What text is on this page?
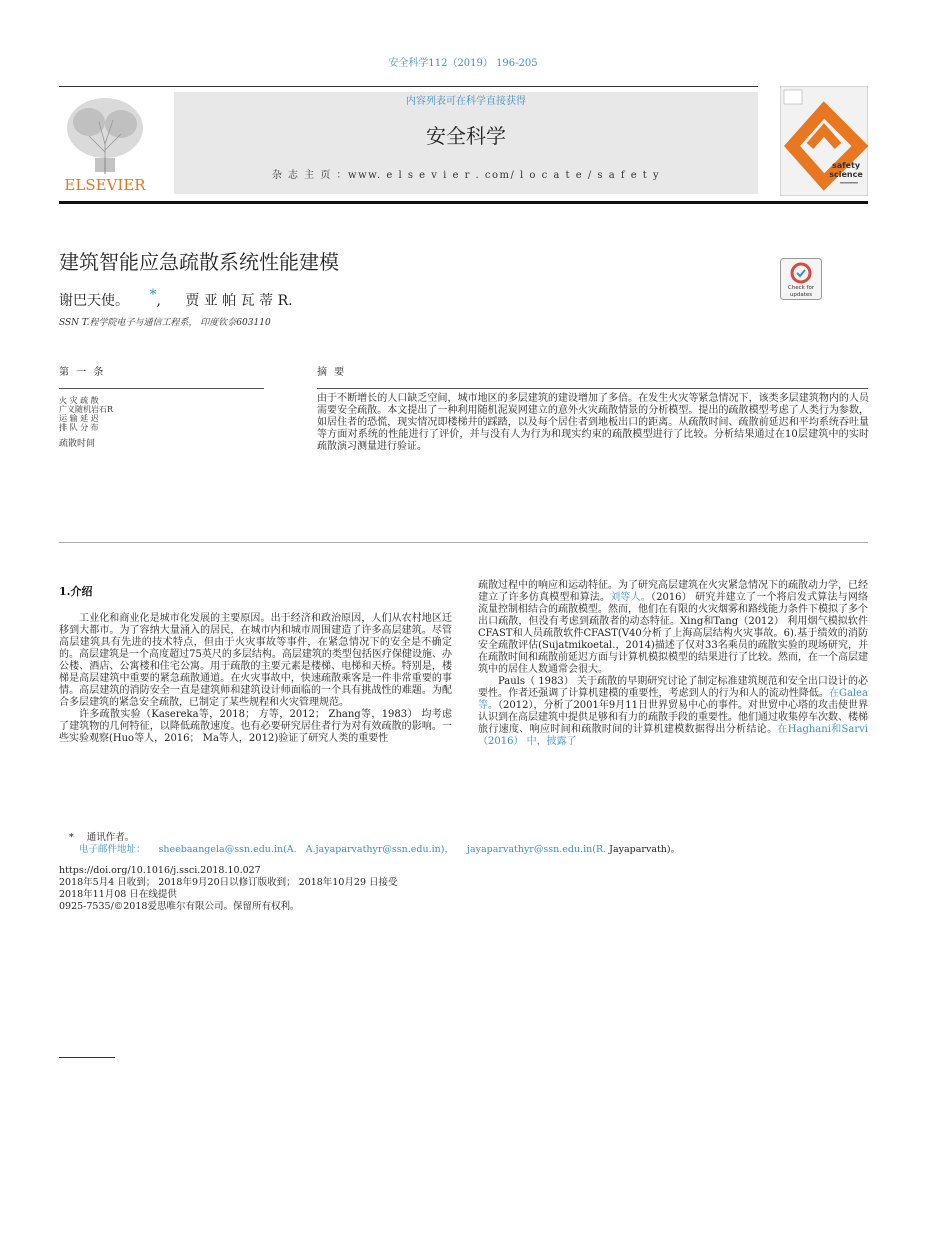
安全科学112（2019） 196-205
ELSEVIER
内容列表可在科学直接获得
安全科学
杂 志 主 页 ：www. e l s e v i e r . com/ l o c a t e / s a f e t y
safety
science
建筑智能应急疏散系统性能建模
Check for
updates
谢巴天使。 *, 贾 亚 帕 瓦 蒂 R.
SSN T.程学院电子与通信工程系， 印度钦奈603110
第 一 条	摘 要
火 灾 疏 散
广义随机岩石R
运 输 延 迟
排 队 分 布
疏散时间
由于不断增长的人口缺乏空间，城市地区的多层建筑的建设增加了多倍。在发生火灾等紧急情况下，该类多层建筑物内的人员需要安全疏散。本文提出了一种利用随机泥炭网建立的意外火灾疏散情景的分析模型。提出的疏散模型考虑了人类行为参数，如居住者的恐慌，现实情况即楼梯井的踩踏，以及每个居住者到地板出口的距离。从疏散时间、疏散前延迟和平均系统吞吐量等方面对系统的性能进行了评价，并与没有人为行为和现实约束的疏散模型进行了比较。分析结果通过在10层建筑中的实时疏散演习测量进行验证。
1.介绍

工业化和商业化是城市化发展的主要原因。出于经济和政治原因，人们从农村地区迁移到大都市。为了容纳大量涌入的居民，在城市内和城市周围建造了许多高层建筑。尽管高层建筑具有先进的技术特点，但由于火灾事故等事件，在紧急情况下的安全是不确定的。高层建筑是一个高度超过75英尺的多层结构。高层建筑的类型包括医疗保健设施、办公楼、酒店、公寓楼和住宅公寓。用于疏散的主要元素是楼梯、电梯和天桥。特别是，楼梯是高层建筑中重要的紧急疏散通道。在火灾事故中，快速疏散乘客是一件非常重要的事情。高层建筑的消防安全一直是建筑师和建筑设计师面临的一个具有挑战性的难题。为配合多层建筑的紧急安全疏散，已制定了某些规程和火灾管理规范。

许多疏散实验（Kasereka等，2018； 方等，2012； Zhang等，1983） 均考虑了建筑物的几何特征，以降低疏散速度。也有必要研究居住者行为对有效疏散的影响。一些实验观察(Huo等人，2016； Ma等人，2012)验证了研究人类的重要性

疏散过程中的响应和运动特征。为了研究高层建筑在火灾紧急情况下的疏散动力学，已经建立了许多仿真模型和算法。刘等人。（2016） 研究并建立了一个将启发式算法与网络流量控制相结合的疏散模型。然而，他们在有限的火灾烟雾和路线能力条件下模拟了多个出口疏散，但没有考虑到疏散者的动态特征。Xing和Tang（2012） 利用烟气模拟软件CFAST和人员疏散软件CFAST(V40分析了上海高层结构火灾事故。6).基于绩效的消防安全疏散评估(Sujatmikoetal.，2014)描述了仅对33名乘员的疏散实验的现场研究，并在疏散时间和疏散前延迟方面与计算机模拟模型的结果进行了比较。然而，在一个高层建筑中的居住人数通常会很大。

Pauls（ 1983） 关于疏散的早期研究讨论了制定标准建筑规范和安全出口设计的必要性。作者还强调了计算机建模的重要性，考虑到人的行为和人的流动性降低。在Galea等。（2012），分析了2001年9月11日世界贸易中心的事件。对世贸中心塔的攻击使世界认识到在高层建筑中提供足够和有力的疏散手段的重要性。他们通过收集停车次数、楼梯旅行速度、响应时间和疏散时间的计算机建模数据得出分析结论。在Haghani和Sarvi（2016） 中，披露了

* 通讯作者。
电子邮件地址： sheebaangela@ssn.edu.in(A. A.jayaparvathyr@ssn.edu.in)， jayaparvathyr@ssn.edu.in(R. Jayaparvath)。
https://doi.org/10.1016/j.ssci.2018.10.027
2018年5月4 日收到； 2018年9月20日以修订版收到； 2018年10月29 日接受
2018年11月08 日在线提供
0925-7535/©2018爱思唯尔有限公司。保留所有权利。
